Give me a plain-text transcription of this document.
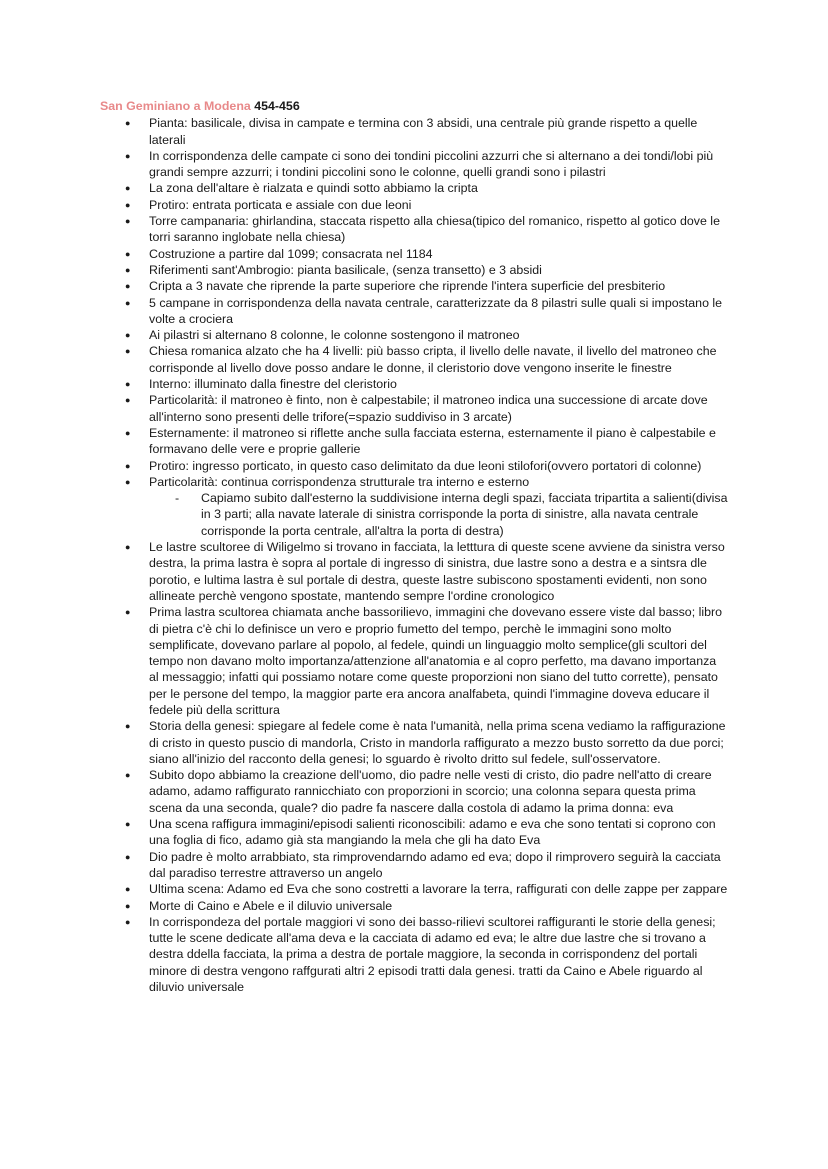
San Geminiano a Modena 454-456

● Pianta: basilicale, divisa in campate e termina con 3 absidi, una centrale più grande rispetto a quelle laterali
● In corrispondenza delle campate ci sono dei tondini piccolini azzurri che si alternano a dei tondi/lobi più grandi sempre azzurri; i tondini piccolini sono le colonne, quelli grandi sono i pilastri
● La zona dell'altare è rialzata e quindi sotto abbiamo la cripta
● Protiro: entrata porticata e assiale con due leoni
● Torre campanaria: ghirlandina, staccata rispetto alla chiesa(tipico del romanico, rispetto al gotico dove le torri saranno inglobate nella chiesa)
● Costruzione a partire dal 1099; consacrata nel 1184
● Riferimenti sant'Ambrogio: pianta basilicale, (senza transetto) e 3 absidi
● Cripta a 3 navate che riprende la parte superiore che riprende l'intera superficie del presbiterio
● 5 campane in corrispondenza della navata centrale, caratterizzate da 8 pilastri sulle quali si impostano le volte a crociera
● Ai pilastri si alternano 8 colonne, le colonne sostengono il matroneo
● Chiesa romanica alzato che ha 4 livelli: più basso cripta, il livello delle navate, il livello del matroneo che corrisponde al livello dove posso andare le donne, il cleristorio dove vengono inserite le finestre
● Interno: illuminato dalla finestre del cleristorio
● Particolarità: il matroneo è finto, non è calpestabile; il matroneo indica una successione di arcate dove all'interno sono presenti delle trifore(=spazio suddiviso in 3 arcate)
● Esternamente: il matroneo si riflette anche sulla facciata esterna, esternamente il piano è calpestabile e formavano delle vere e proprie gallerie
● Protiro: ingresso porticato, in questo caso delimitato da due leoni stilofori(ovvero portatori di colonne)
● Particolarità: continua corrispondenza strutturale tra interno e esterno
- Capiamo subito dall'esterno la suddivisione interna degli spazi, facciata tripartita a salienti(divisa in 3 parti; alla navate laterale di sinistra corrisponde la porta di sinistre, alla navata centrale corrisponde la porta centrale, all'altra la porta di destra)
● Le lastre scultoree di Wiligelmo si trovano in facciata, la letttura di queste scene avviene da sinistra verso destra, la prima lastra è sopra al portale di ingresso di sinistra, due lastre sono a destra e a sintsra dle porotio, e lultima lastra è sul portale di destra, queste lastre subiscono spostamenti evidenti, non sono allineate perchè vengono spostate, mantendo sempre l'ordine cronologico
● Prima lastra scultorea chiamata anche bassorilievo, immagini che dovevano essere viste dal basso; libro di pietra c'è chi lo definisce un vero e proprio fumetto del tempo, perchè le immagini sono molto semplificate, dovevano parlare al popolo, al fedele, quindi un linguaggio molto semplice(gli scultori del tempo non davano molto importanza/attenzione all'anatomia e al copro perfetto, ma davano importanza al messaggio; infatti qui possiamo notare come queste proporzioni non siano del tutto corrette), pensato per le persone del tempo, la maggior parte era ancora analfabeta, quindi l'immagine doveva educare il fedele più della scrittura
● Storia della genesi: spiegare al fedele come è nata l'umanità, nella prima scena vediamo la raffigurazione di cristo in questo puscio di mandorla, Cristo in mandorla raffigurato a mezzo busto sorretto da due porci; siano all'inizio del racconto della genesi; lo sguardo è rivolto dritto sul fedele, sull'osservatore.
● Subito dopo abbiamo la creazione dell'uomo, dio padre nelle vesti di cristo, dio padre nell'atto di creare adamo, adamo raffigurato rannicchiato con proporzioni in scorcio; una colonna separa questa prima scena da una seconda, quale? dio padre fa nascere dalla costola di adamo la prima donna: eva
● Una scena raffigura immagini/episodi salienti riconoscibili: adamo e eva che sono tentati si coprono con una foglia di fico, adamo già sta mangiando la mela che gli ha dato Eva
● Dio padre è molto arrabbiato, sta rimprovendarndo adamo ed eva; dopo il rimprovero seguirà la cacciata dal paradiso terrestre attraverso un angelo
● Ultima scena: Adamo ed Eva che sono costretti a lavorare la terra, raffigurati con delle zappe per zappare
● Morte di Caino e Abele e il diluvio universale
● In corrispondeza del portale maggiori vi sono dei basso-rilievi scultorei raffiguranti le storie della genesi; tutte le scene dedicate all'ama deva e la cacciata di adamo ed eva; le altre due lastre che si trovano a destra ddella facciata, la prima a destra de portale maggiore, la seconda in corrispondenz del portali minore di destra vengono raffgurati altri 2 episodi tratti dala genesi. tratti da Caino e Abele riguardo al diluvio universale
